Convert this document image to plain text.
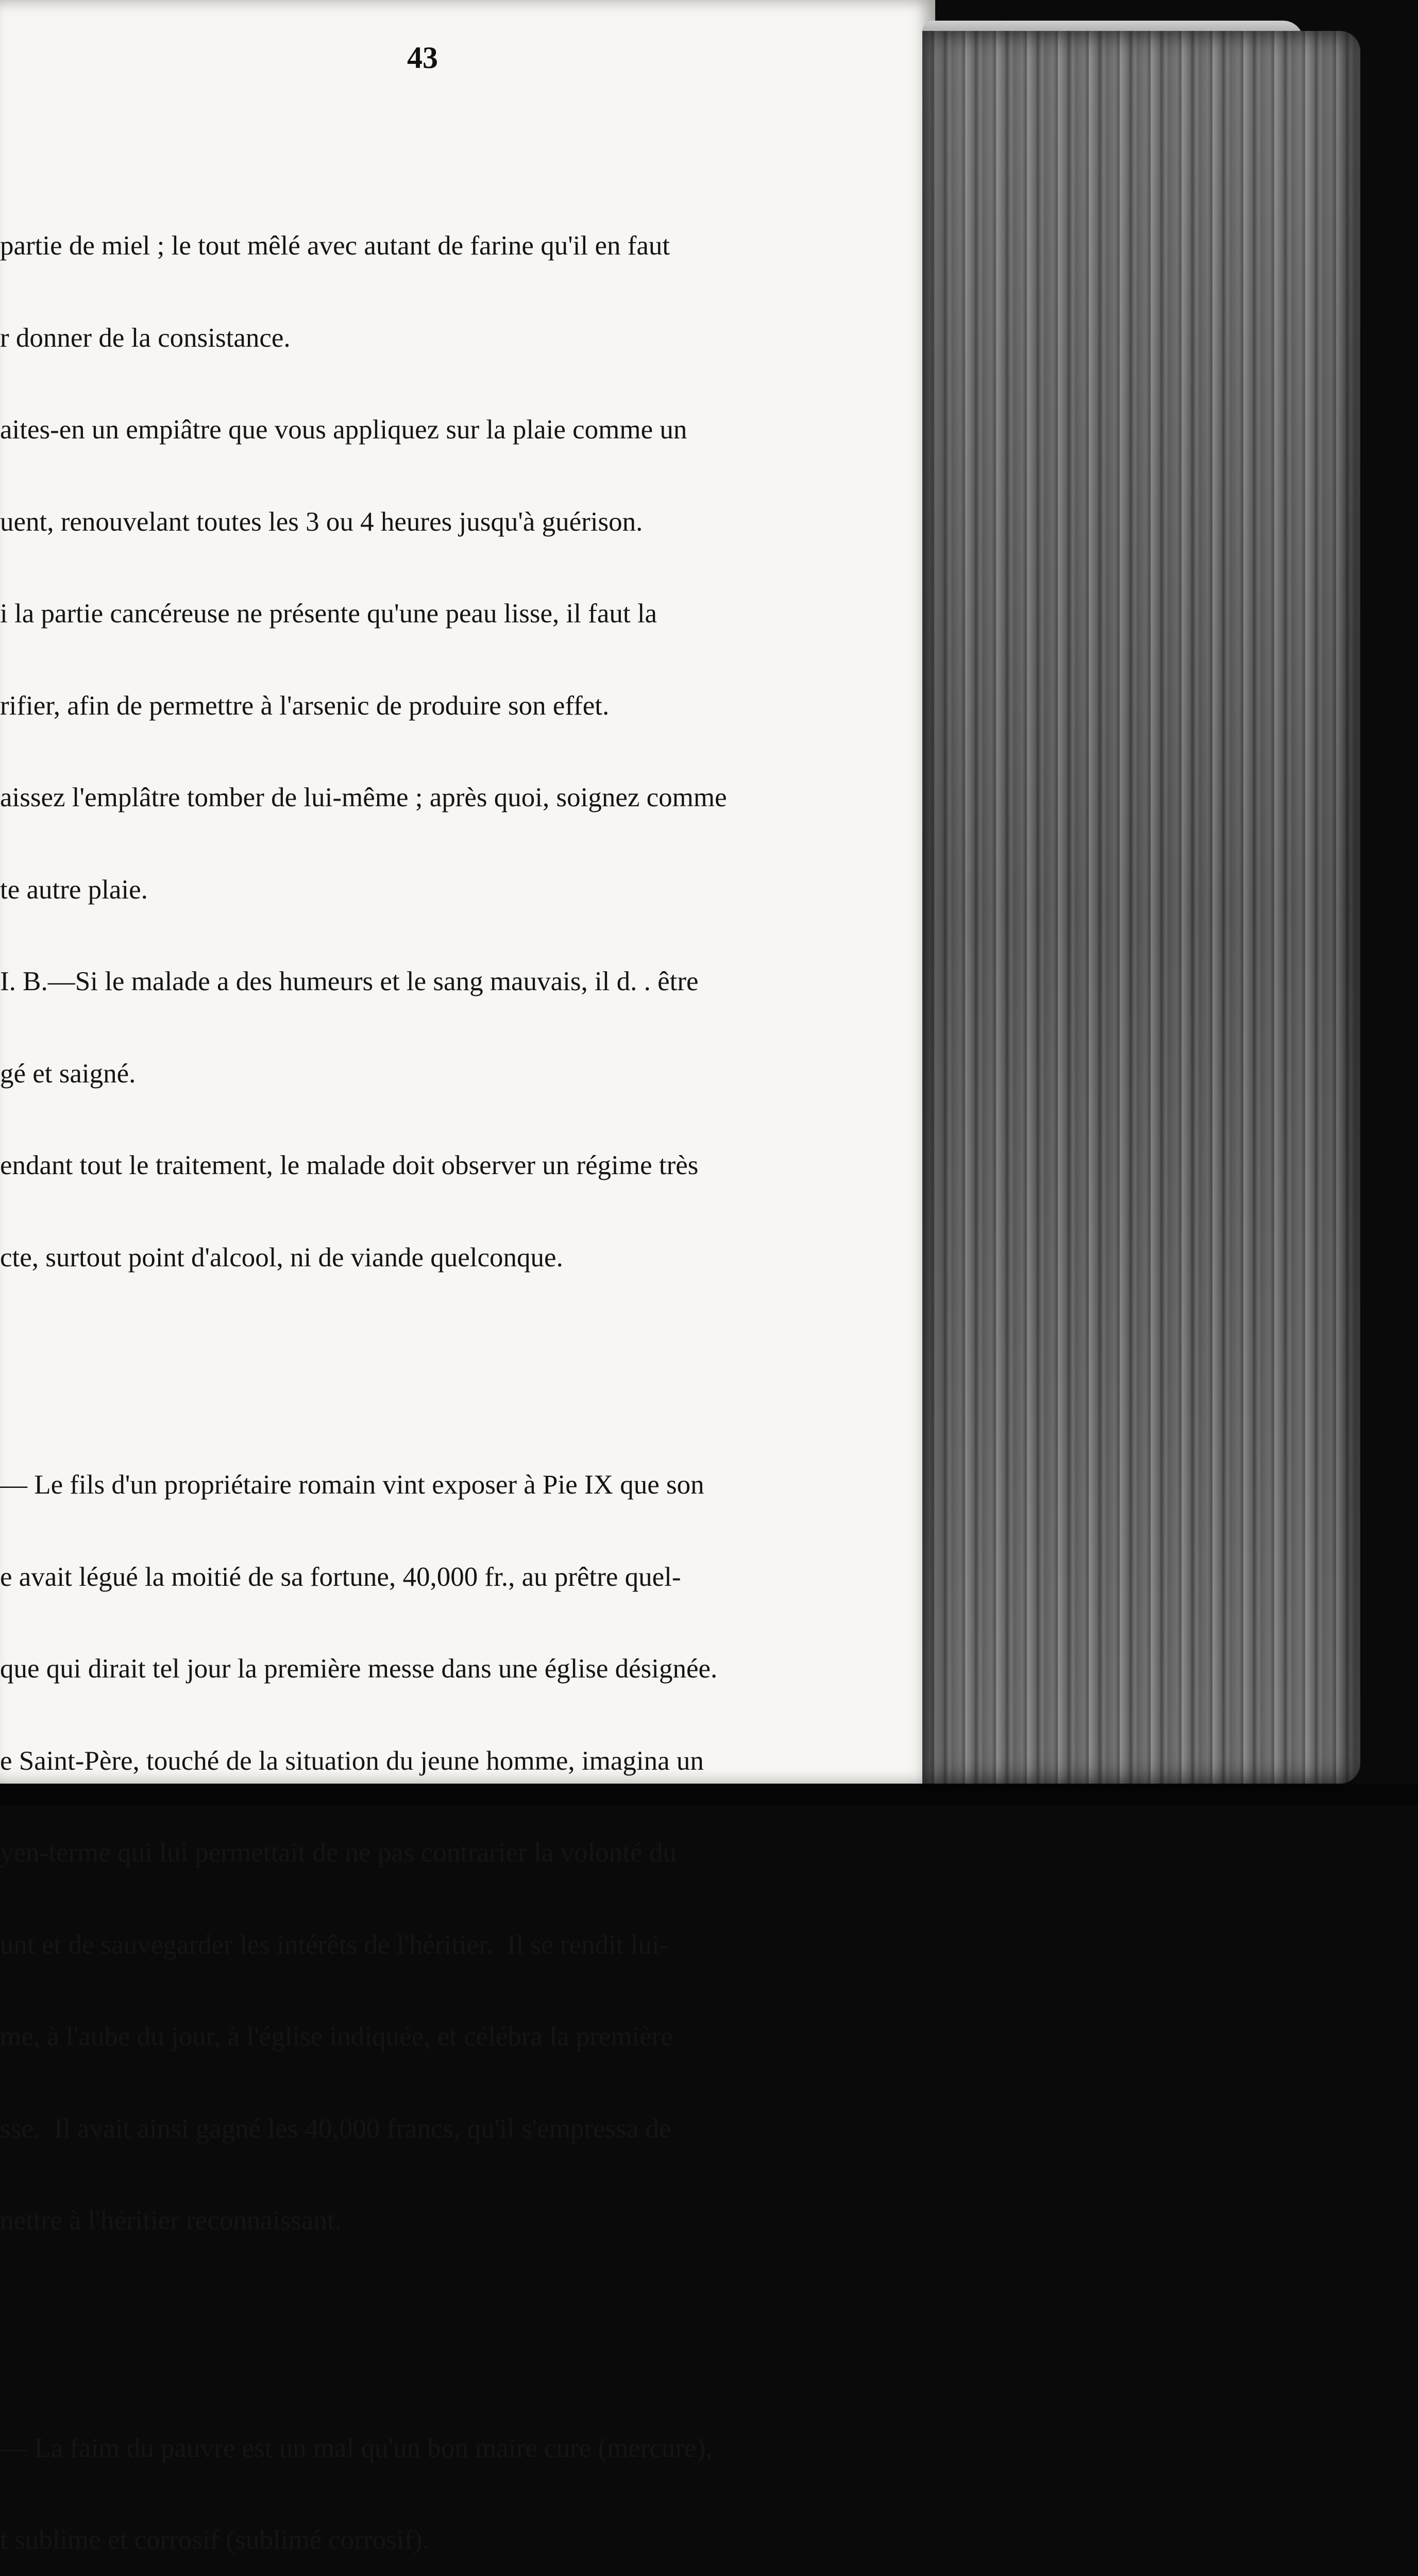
43

partie de miel ; le tout mêlé avec autant de farine qu'il en faut

r donner de la consistance.

aites-en un empiâtre que vous appliquez sur la plaie comme un

uent, renouvelant toutes les 3 ou 4 heures jusqu'à guérison.

i la partie cancéreuse ne présente qu'une peau lisse, il faut la

rifier, afin de permettre à l'arsenic de produire son effet.

aissez l'emplâtre tomber de lui-même ; après quoi, soignez comme

te autre plaie.

I. B.—Si le malade a des humeurs et le sang mauvais, il d. . être

gé et saigné.

endant tout le traitement, le malade doit observer un régime très

cte, surtout point d'alcool, ni de viande quelconque.

— Le fils d'un propriétaire romain vint exposer à Pie IX que son

e avait légué la moitié de sa fortune, 40,000 fr., au prêtre quel-

que qui dirait tel jour la première messe dans une église désignée.

e Saint-Père, touché de la situation du jeune homme, imagina un

yen-terme qui lui permettait de ne pas contrarier la volonté du

unt et de sauvegarder les intérêts de l'héritier.  Il se rendit lui-

me, à l'aube du jour, à l'église indiquée, et célébra la première

sse.  Il avait ainsi gagné les 40,000 francs, qu'il s'empressa de

nettre à l'héritier reconnaissant.

— La faim du pauvre est un mal qu'un bon maire cure (mercure),

t sublime et corrosif (sublimé corrosif).
